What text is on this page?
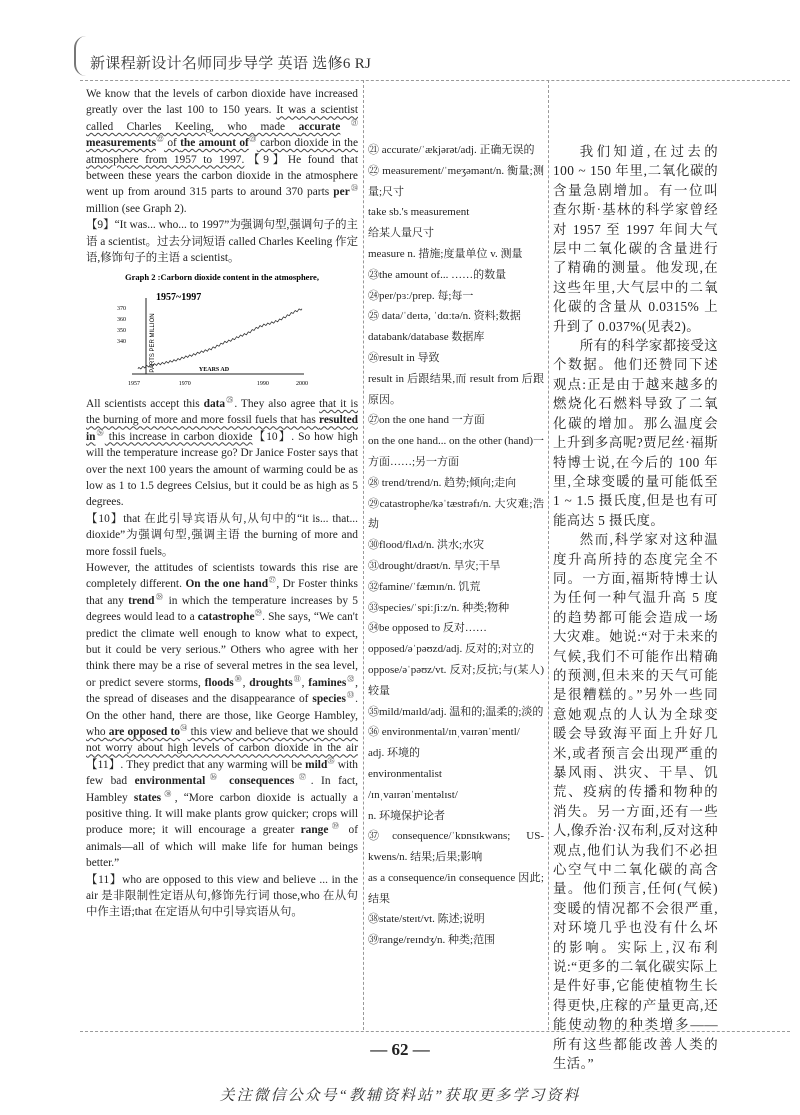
新课程新设计名师同步导学 英语 选修6 RJ

We know that the levels of carbon dioxide have increased greatly over the last 100 to 150 years. It was a scientist called Charles Keeling, who made accurate$^㉑$ measurements$^㉒$ of the amount $of^㉓$ carbon dioxide in the atmosphere from 1957 to 1997.【9】He found that between these years the carbon dioxide in the atmosphere went up from around 315 parts to around 370 parts per$^㉔$ million (see Graph 2).

【9】“It was... who... to 1997”为强调句型,强调句子的主语 a scientist。过去分词短语 called Charles Keeling 作定语,修饰句子的主语 a scientist。

Graph 2 :Carborn dioxide content in the atmosphere,
1957~1997
370
360
350
340
1957	1970	1990	2000
PARTS PER MILLION	YEARS AD

All scientists accept this data$^㉕$. They also agree that it is the burning of more and more fossil fuels that has resulted $in^㉖$ this increase in carbon dioxide【10】. So how high will the temperature increase go? Dr Janice Foster says that over the next 100 years the amount of warming could be as low as 1 to 1.5 degrees Celsius, but it could be as high as 5 degrees.

【10】that 在此引导宾语从句,从句中的“it is... that... dioxide”为强调句型,强调主语 the burning of more and more fossil fuels。

However, the attitudes of scientists towards this rise are completely different. On the one hand$^㉗$, Dr Foster thinks that any trend$^㉘$ in which the temperature increases by 5 degrees would lead to a catastrophe$^㉙$. She says, “We can't predict the climate well enough to know what to expect, but it could be very serious.” Others who agree with her think there may be a rise of several metres in the sea level, or predict severe storms, floods$^㉚$, droughts$^㉛$, famines$^㉜$, the spread of diseases and the disappearance of species$^㉝$. On the other hand, there are those, like George Hambley, who are opposed $to^㉞$ this view and believe that we should not worry about high levels of carbon dioxide in the air【11】. They predict that any warming will be mild$^㉟$ with few bad environmental$^㊱$ consequences$^㊲$. In fact, Hambley states$^㊳$, “More carbon dioxide is actually a positive thing. It will make plants grow quicker; crops will produce more; it will encourage a greater range$^㊴$ of animals—all of which will make life for human beings better.”

【11】who are opposed to this view and believe ... in the air 是非限制性定语从句,修饰先行词 those,who 在从句中作主语;that 在定语从句中引导宾语从句。

㉑ accurate/ˈækjərət/adj. 正确无误的
㉒ measurement/ˈmeʒəmənt/n. 衡量;测量;尺寸
take sb.'s measurement
给某人量尺寸
measure n. 措施;度量单位 v. 测量
㉓the amount of... ……的数量
㉔per/pɜː/prep. 每;每一
㉕ data/ˈdeɪtə, ˈdɑːtə/n. 资料;数据
databank/database 数据库
㉖result in 导致
result in 后跟结果,而 result from 后跟原因。
㉗on the one hand 一方面
on the one hand... on the other (hand)一方面……;另一方面
㉘ trend/trend/n. 趋势;倾向;走向
㉙catastrophe/kəˈtæstrəfɪ/n. 大灾难;浩劫
㉚flood/flʌd/n. 洪水;水灾
㉛drought/draʊt/n. 旱灾;干旱
㉜famine/ˈfæmɪn/n. 饥荒
㉝species/ˈspiːʃiːz/n. 种类;物种
㉞be opposed to 反对……
opposed/əˈpəʊzd/adj. 反对的;对立的
oppose/əˈpəʊz/vt. 反对;反抗;与(某人)较量
㉟mild/maɪld/adj. 温和的;温柔的;淡的
㊱ environmental/ɪnˌvaɪrənˈmentl/
adj. 环境的
environmentalist
/ɪnˌvaɪrənˈmentəlɪst/
n. 环境保护论者
㊲consequence/ˈkɒnsɪkwəns; US-kwens/n. 结果;后果;影响
as a consequence/in consequence 因此;结果
㊳state/steɪt/vt. 陈述;说明
㊴range/reɪndʒ/n. 种类;范围

我们知道,在过去的 100 ~ 150 年里,二氧化碳的含量急剧增加。有一位叫查尔斯·基林的科学家曾经对 1957 至 1997 年间大气层中二氧化碳的含量进行了精确的测量。他发现,在这些年里,大气层中的二氧化碳的含量从 0.0315% 上升到了 0.037%(见表2)。

所有的科学家都接受这个数据。他们还赞同下述观点:正是由于越来越多的燃烧化石燃料导致了二氧化碳的增加。那么温度会上升到多高呢?贾尼丝·福斯特博士说,在今后的 100 年里,全球变暖的量可能低至 1 ~ 1.5 摄氏度,但是也有可能高达 5 摄氏度。

然而,科学家对这种温度升高所持的态度完全不同。一方面,福斯特博士认为任何一种气温升高 5 度的趋势都可能会造成一场大灾难。她说:“对于未来的气候,我们不可能作出精确的预测,但未来的天气可能是很糟糕的。”另外一些同意她观点的人认为全球变暖会导致海平面上升好几米,或者预言会出现严重的暴风雨、洪灾、干旱、饥荒、疫病的传播和物种的消失。另一方面,还有一些人,像乔治·汉布利,反对这种观点,他们认为我们不必担心空气中二氧化碳的高含量。他们预言,任何(气候)变暖的情况都不会很严重,对环境几乎也没有什么坏的影响。实际上,汉布利说:“更多的二氧化碳实际上是件好事,它能使植物生长得更快,庄稼的产量更高,还能使动物的种类增多——所有这些都能改善人类的生活。”

— 62 —
关注微信公众号“教辅资料站”获取更多学习资料
